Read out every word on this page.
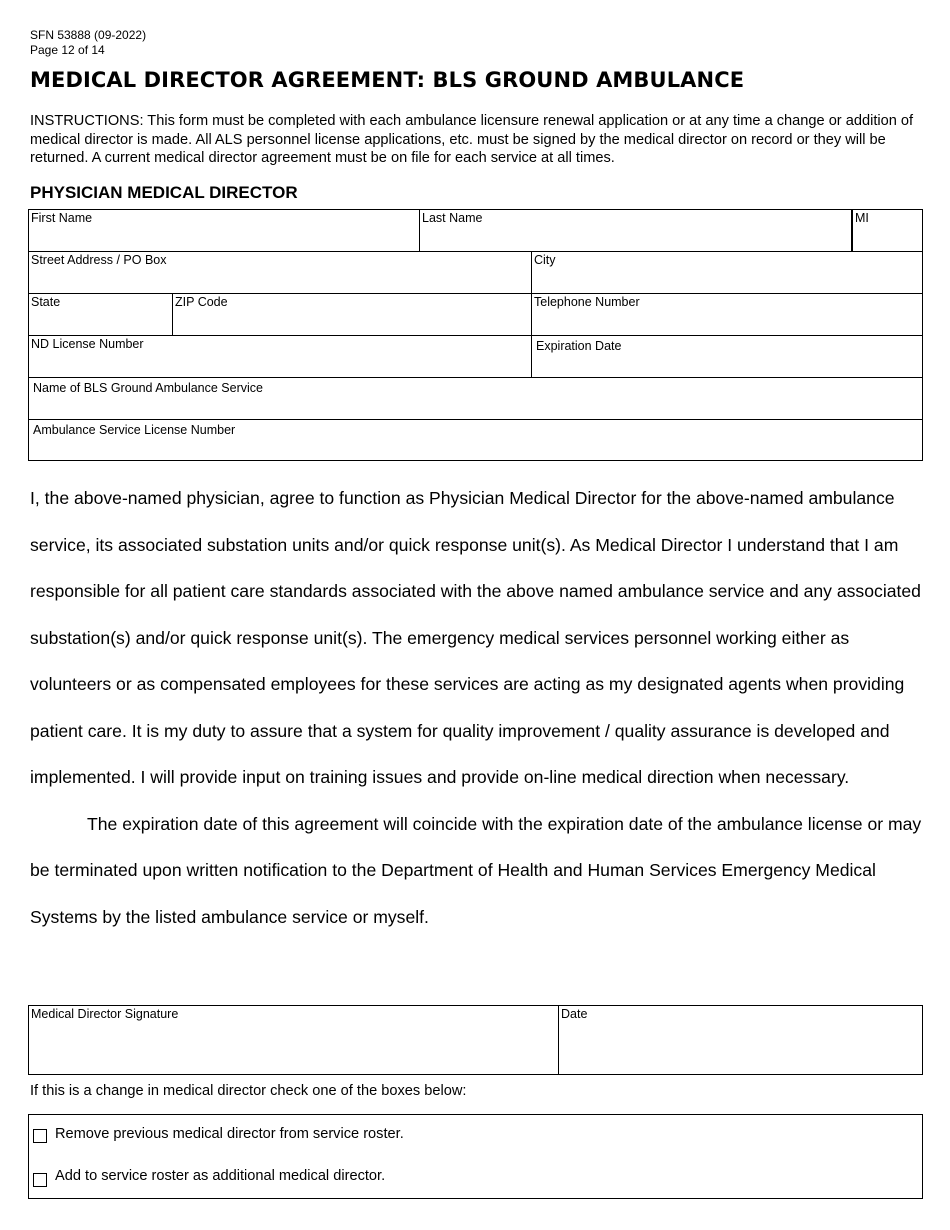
SFN 53888 (09-2022)
Page 12 of 14
MEDICAL DIRECTOR AGREEMENT: BLS GROUND AMBULANCE
INSTRUCTIONS: This form must be completed with each ambulance licensure renewal application or at any time a change or addition of medical director is made. All ALS personnel license applications, etc. must be signed by the medical director on record or they will be returned. A current medical director agreement must be on file for each service at all times.
PHYSICIAN MEDICAL DIRECTOR
First Name	Last Name	MI
Street Address / PO Box	City
State	ZIP Code	Telephone Number
ND License Number	Expiration Date
Name of BLS Ground Ambulance Service
Ambulance Service License Number

I, the above-named physician, agree to function as Physician Medical Director for the above-named ambulance service, its associated substation units and/or quick response unit(s). As Medical Director I understand that I am responsible for all patient care standards associated with the above named ambulance service and any associated substation(s) and/or quick response unit(s). The emergency medical services personnel working either as volunteers or as compensated employees for these services are acting as my designated agents when providing patient care. It is my duty to assure that a system for quality improvement / quality assurance is developed and implemented. I will provide input on training issues and provide on-line medical direction when necessary.

The expiration date of this agreement will coincide with the expiration date of the ambulance license or may be terminated upon written notification to the Department of Health and Human Services Emergency Medical Systems by the listed ambulance service or myself.

Medical Director Signature	Date
If this is a change in medical director check one of the boxes below:
Remove previous medical director from service roster.
Add to service roster as additional medical director.
